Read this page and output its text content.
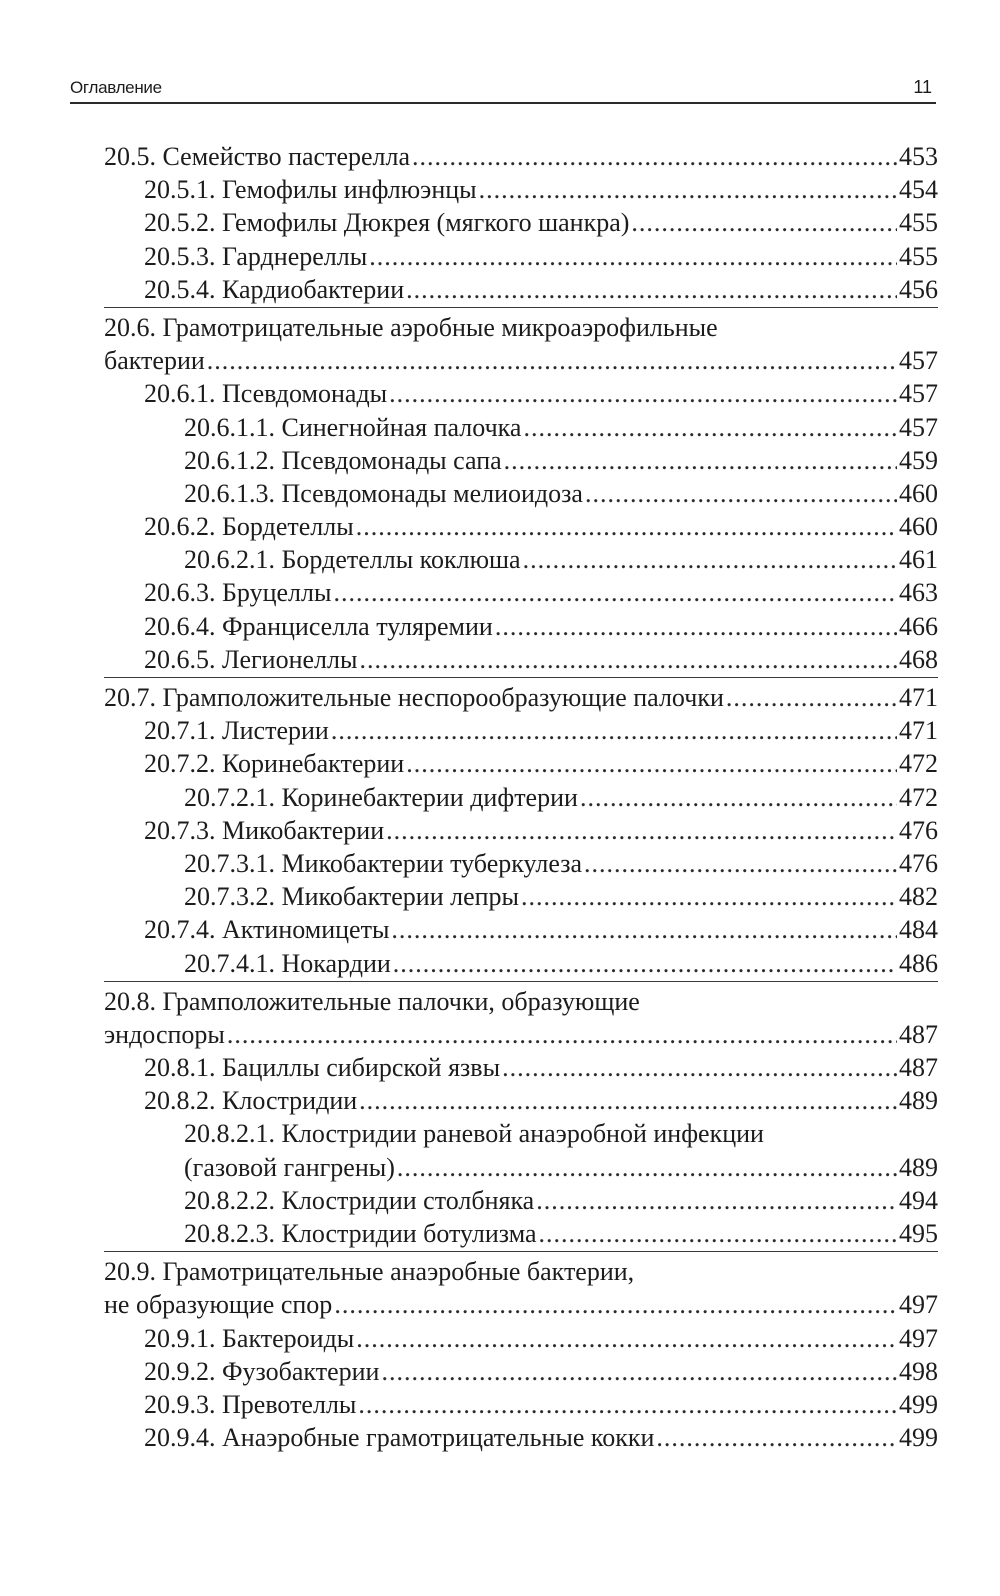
Оглавление	11
20.5. Семейство пастерелла .....	453
20.5.1. Гемофилы инфлюэнцы .....	454
20.5.2. Гемофилы Дюкрея (мягкого шанкра) .....	455
20.5.3. Гарднереллы .....	455
20.5.4. Кардиобактерии .....	456
20.6. Грамотрицательные аэробные микроаэрофильные
бактерии .....	457
20.6.1. Псевдомонады .....	457
20.6.1.1. Синегнойная палочка .....	457
20.6.1.2. Псевдомонады сапа .....	459
20.6.1.3. Псевдомонады мелиоидоза .....	460
20.6.2. Бордетеллы .....	460
20.6.2.1. Бордетеллы коклюша .....	461
20.6.3. Бруцеллы .....	463
20.6.4. Франциселла туляремии .....	466
20.6.5. Легионеллы .....	468
20.7. Грамположительные неспорообразующие палочки .....	471
20.7.1. Листерии .....	471
20.7.2. Коринебактерии .....	472
20.7.2.1. Коринебактерии дифтерии .....	472
20.7.3. Микобактерии .....	476
20.7.3.1. Микобактерии туберкулеза .....	476
20.7.3.2. Микобактерии лепры .....	482
20.7.4. Актиномицеты .....	484
20.7.4.1. Нокардии .....	486
20.8. Грамположительные палочки, образующие
эндоспоры .....	487
20.8.1. Бациллы сибирской язвы .....	487
20.8.2. Клостридии .....	489
20.8.2.1. Клостридии раневой анаэробной инфекции
(газовой гангрены) .....	489
20.8.2.2. Клостридии столбняка .....	494
20.8.2.3. Клостридии ботулизма .....	495
20.9. Грамотрицательные анаэробные бактерии,
не образующие спор .....	497
20.9.1. Бактероиды .....	497
20.9.2. Фузобактерии .....	498
20.9.3. Превотеллы .....	499
20.9.4. Анаэробные грамотрицательные кокки .....	499
